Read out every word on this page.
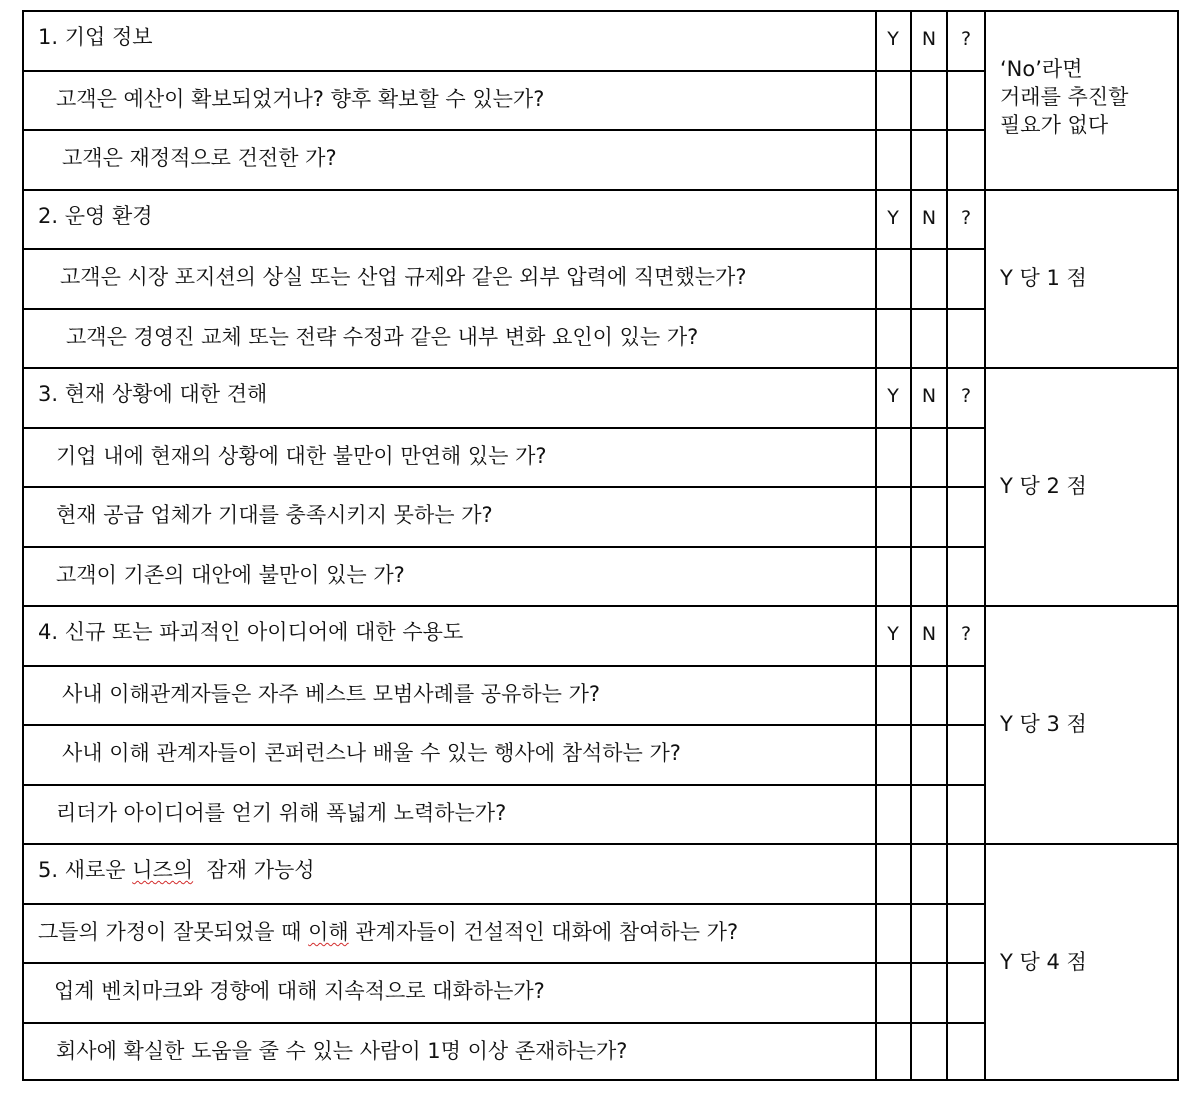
1. 기업 정보	Y	N	?
고객은 예산이 확보되었거나? 향후 확보할 수 있는가?
고객은 재정적으로 건전한 가?
‘No’라면
거래를 추진할
필요가 없다
2. 운영 환경	Y	N	?
고객은 시장 포지션의 상실 또는 산업 규제와 같은 외부 압력에 직면했는가?
고객은 경영진 교체 또는 전략 수정과 같은 내부 변화 요인이 있는 가?
Y 당 1 점
3. 현재 상황에 대한 견해	Y	N	?
기업 내에 현재의 상황에 대한 불만이 만연해 있는 가?
현재 공급 업체가 기대를 충족시키지 못하는 가?
고객이 기존의 대안에 불만이 있는 가?
Y 당 2 점
4. 신규 또는 파괴적인 아이디어에 대한 수용도	Y	N	?
사내 이해관계자들은 자주 베스트 모범사례를 공유하는 가?
사내 이해 관계자들이 콘퍼런스나 배울 수 있는 행사에 참석하는 가?
리더가 아이디어를 얻기 위해 폭넓게 노력하는가?
Y 당 3 점
5. 새로운 니즈의  잠재 가능성
그들의 가정이 잘못되었을 때 이해 관계자들이 건설적인 대화에 참여하는 가?
업계 벤치마크와 경향에 대해 지속적으로 대화하는가?
회사에 확실한 도움을 줄 수 있는 사람이 1명 이상 존재하는가?
Y 당 4 점
